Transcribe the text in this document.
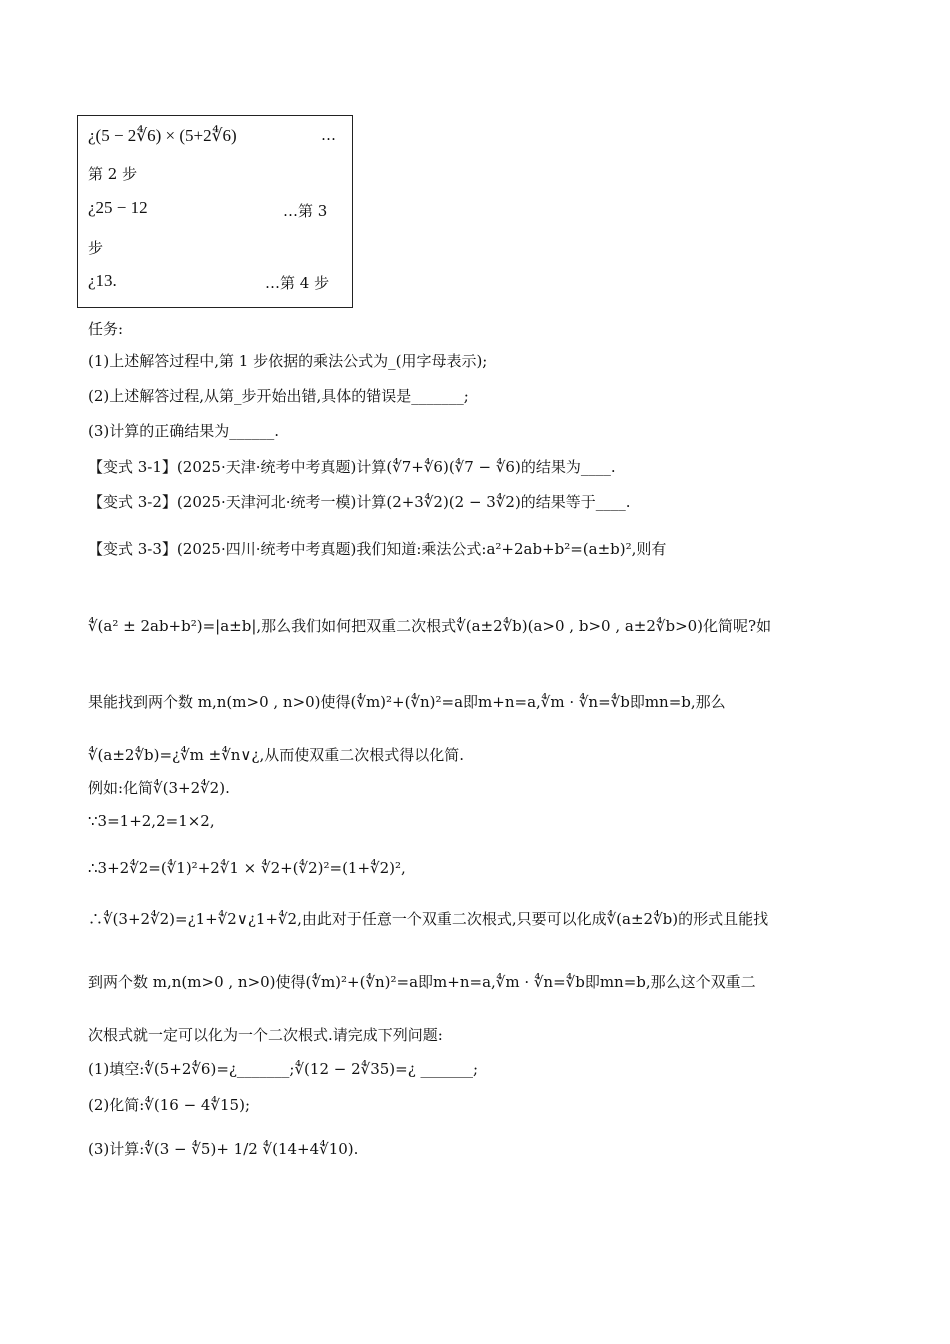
¿(5 − 2∜6) × (5+2∜6)	…
第 2 步
¿25 − 12	…第 3
步
¿13.	…第 4 步
任务:
(1)上述解答过程中,第 1 步依据的乘法公式为_(用字母表示);
(2)上述解答过程,从第_步开始出错,具体的错误是_______;
(3)计算的正确结果为______.
【变式 3-1】(2025·天津·统考中考真题)计算(∜7+∜6)(∜7 − ∜6)的结果为____.
【变式 3-2】(2025·天津河北·统考一模)计算(2+3∜2)(2 − 3∜2)的结果等于____.
【变式 3-3】(2025·四川·统考中考真题)我们知道:乘法公式:a²+2ab+b²=(a±b)²,则有
∜(a² ± 2ab+b²)=|a±b|,那么我们如何把双重二次根式∜(a±2∜b)(a>0 , b>0 , a±2∜b>0)化简呢?如
果能找到两个数 m,n(m>0 , n>0)使得(∜m)²+(∜n)²=a即m+n=a,∜m · ∜n=∜b即mn=b,那么
∜(a±2∜b)=¿∜m ±∜n∨¿,从而使双重二次根式得以化简.
例如:化简∜(3+2∜2).
∵3=1+2,2=1×2,
∴3+2∜2=(∜1)²+2∜1 × ∜2+(∜2)²=(1+∜2)²,
∴∜(3+2∜2)=¿1+∜2∨¿1+∜2,由此对于任意一个双重二次根式,只要可以化成∜(a±2∜b)的形式且能找
到两个数 m,n(m>0 , n>0)使得(∜m)²+(∜n)²=a即m+n=a,∜m · ∜n=∜b即mn=b,那么这个双重二
次根式就一定可以化为一个二次根式.请完成下列问题:
(1)填空:∜(5+2∜6)=¿_______;∜(12 − 2∜35)=¿ _______;
(2)化简:∜(16 − 4∜15);
(3)计算:∜(3 − ∜5)+ 1/2 ∜(14+4∜10).
